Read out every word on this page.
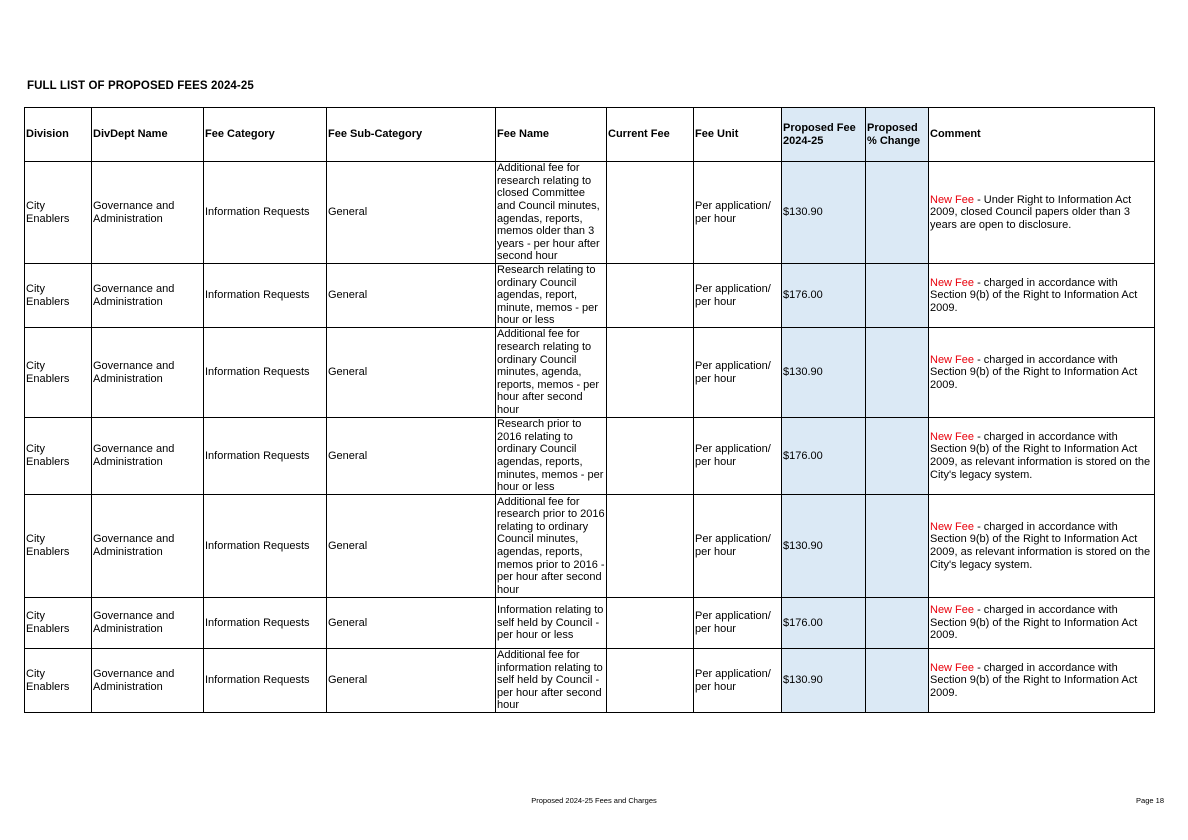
FULL LIST OF PROPOSED FEES 2024-25
Division	DivDept Name	Fee Category	Fee Sub-Category	Fee Name	Current Fee	Fee Unit	Proposed Fee 2024-25	Proposed % Change	Comment
City Enablers	Governance and Administration	Information Requests	General	Additional fee for research relating to closed Committee and Council minutes, agendas, reports, memos older than 3 years - per hour after second hour		Per application/ per hour	$130.90		New Fee - Under Right to Information Act 2009, closed Council papers older than 3 years are open to disclosure.
City Enablers	Governance and Administration	Information Requests	General	Research relating to ordinary Council agendas, report, minute, memos - per hour or less		Per application/ per hour	$176.00		New Fee - charged in accordance with Section 9(b) of the Right to Information Act 2009.
City Enablers	Governance and Administration	Information Requests	General	Additional fee for research relating to ordinary Council minutes, agenda, reports, memos - per hour after second hour		Per application/ per hour	$130.90		New Fee - charged in accordance with Section 9(b) of the Right to Information Act 2009.
City Enablers	Governance and Administration	Information Requests	General	Research prior to 2016 relating to ordinary Council agendas, reports, minutes, memos - per hour or less		Per application/ per hour	$176.00		New Fee - charged in accordance with Section 9(b) of the Right to Information Act 2009, as relevant information is stored on the City's legacy system.
City Enablers	Governance and Administration	Information Requests	General	Additional fee for research prior to 2016 relating to ordinary Council minutes, agendas, reports, memos prior to 2016 - per hour after second hour		Per application/ per hour	$130.90		New Fee - charged in accordance with Section 9(b) of the Right to Information Act 2009, as relevant information is stored on the City's legacy system.
City Enablers	Governance and Administration	Information Requests	General	Information relating to self held by Council - per hour or less		Per application/ per hour	$176.00		New Fee - charged in accordance with Section 9(b) of the Right to Information Act 2009.
City Enablers	Governance and Administration	Information Requests	General	Additional fee for information relating to self held by Council - per hour after second hour		Per application/ per hour	$130.90		New Fee - charged in accordance with Section 9(b) of the Right to Information Act 2009.
Proposed 2024-25 Fees and Charges	Page 18
